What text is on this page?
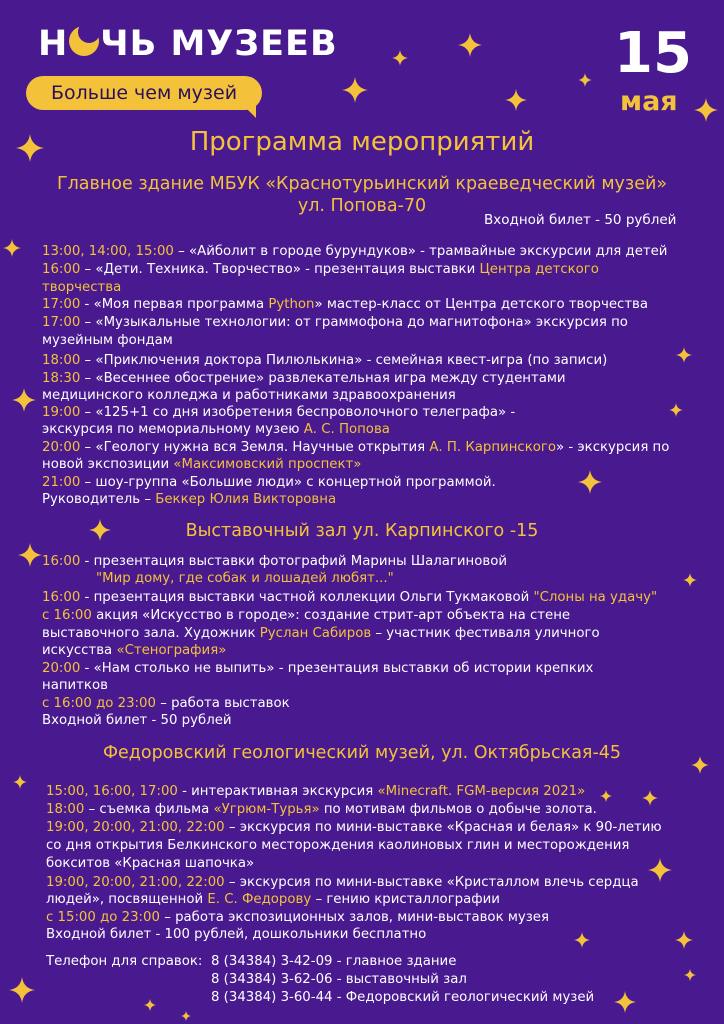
Н ЧЬ МУЗЕЕВ
Больше чем музей
15
мая
Программа мероприятий
Главное здание МБУК «Краснотурьинский краеведческий музей»
ул. Попова-70
Входной билет - 50 рублей
13:00, 14:00, 15:00 – «Айболит в городе бурундуков» - трамвайные экскурсии для детей
16:00 – «Дети. Техника. Творчество» - презентация выставки Центра детского
творчества
17:00 - «Моя первая программа Python» мастер-класс от Центра детского творчества
17:00 – «Музыкальные технологии: от граммофона до магнитофона» экскурсия по
музейным фондам
18:00 – «Приключения доктора Пилюлькина» - семейная квест-игра (по записи)
18:30 – «Весеннее обострение» развлекательная игра между студентами
медицинского колледжа и работниками здравоохранения
19:00 – «125+1 со дня изобретения беспроволочного телеграфа» -
экскурсия по мемориальному музею А. С. Попова
20:00 – «Геологу нужна вся Земля. Научные открытия А. П. Карпинского» - экскурсия по
новой экспозиции «Максимовский проспект»
21:00 – шоу-группа «Большие люди» с концертной программой.
Руководитель – Беккер Юлия Викторовна
Выставочный зал ул. Карпинского -15
16:00 - презентация выставки фотографий Марины Шалагиновой
"Мир дому, где собак и лошадей любят..."
16:00 - презентация выставки частной коллекции Ольги Тукмаковой "Слоны на удачу"
с 16:00 акция «Искусство в городе»: создание стрит-арт объекта на стене
выставочного зала. Художник Руслан Сабиров – участник фестиваля уличного
искусства «Стенография»
20:00 - «Нам столько не выпить» - презентация выставки об истории крепких
напитков
с 16:00 до 23:00 – работа выставок
Входной билет - 50 рублей
Федоровский геологический музей, ул. Октябрьская-45
15:00, 16:00, 17:00 - интерактивная экскурсия «Minecraft. FGM-версия 2021»
18:00 – съемка фильма «Угрюм-Турья» по мотивам фильмов о добыче золота.
19:00, 20:00, 21:00, 22:00 – экскурсия по мини-выставке «Красная и белая» к 90-летию
со дня открытия Белкинского месторождения каолиновых глин и месторождения
бокситов «Красная шапочка»
19:00, 20:00, 21:00, 22:00 – экскурсия по мини-выставке «Кристаллом влечь сердца
людей», посвященной Е. С. Федорову – гению кристаллографии
с 15:00 до 23:00 – работа экспозиционных залов, мини-выставок музея
Входной билет - 100 рублей, дошкольники бесплатно
Телефон для справок: 8 (34384) 3-42-09 - главное здание
8 (34384) 3-62-06 - выставочный зал
8 (34384) 3-60-44 - Федоровский геологический музей
